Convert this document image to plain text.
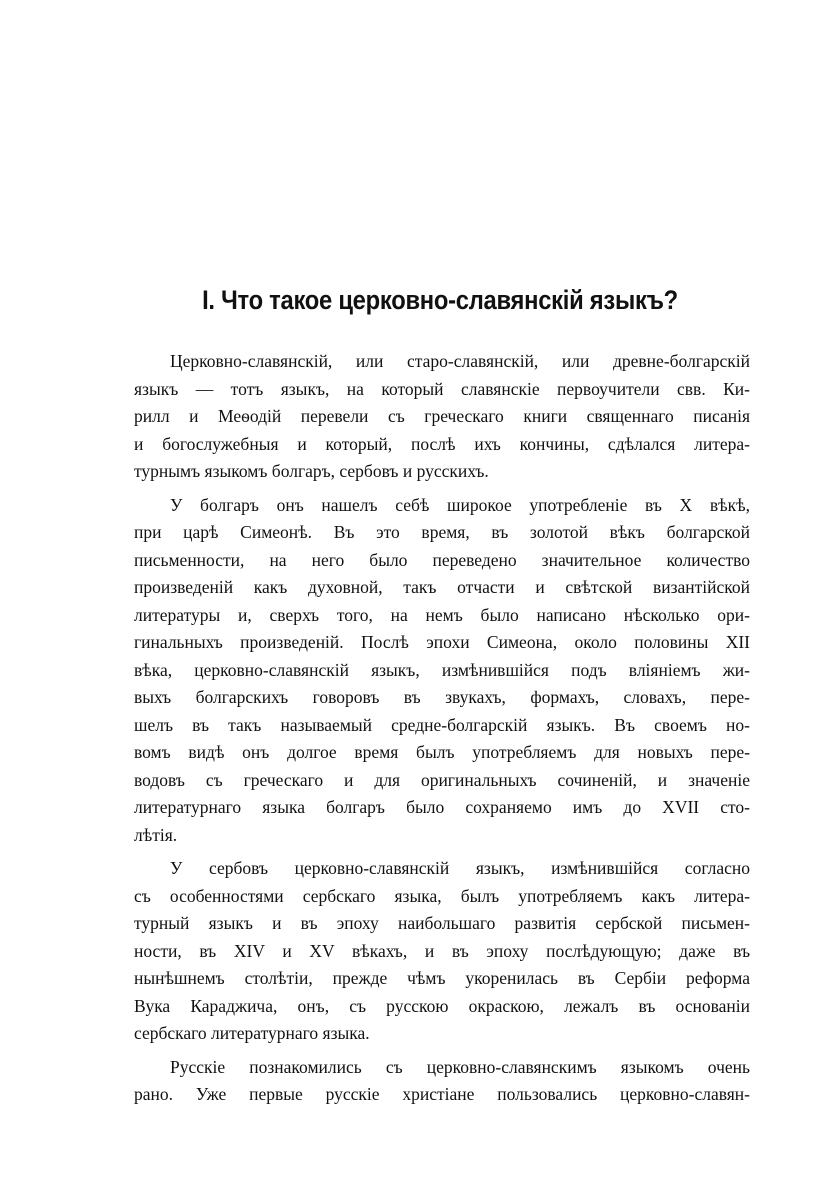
I. Что такое церковно-славянскій языкъ?
Церковно-славянскій, или старо-славянскій, или древне-болгарскій
языкъ — тотъ языкъ, на который славянскіе первоучители свв. Ки-
рилл и Меѳодій перевели съ греческаго книги священнаго писанія
и богослужебныя и который, послѣ ихъ кончины, сдѣлался литера-
турнымъ языкомъ болгаръ, сербовъ и русскихъ.
У болгаръ онъ нашелъ себѣ широкое употребленіе въ X вѣкѣ,
при царѣ Симеонѣ. Въ это время, въ золотой вѣкъ болгарской
письменности, на него было переведено значительное количество
произведеній какъ духовной, такъ отчасти и свѣтской византійской
литературы и, сверхъ того, на немъ было написано нѣсколько ори-
гинальныхъ произведеній. Послѣ эпохи Симеона, около половины XII
вѣка, церковно-славянскій языкъ, измѣнившійся подъ вліяніемъ жи-
выхъ болгарскихъ говоровъ въ звукахъ, формахъ, словахъ, пере-
шелъ въ такъ называемый средне-болгарскій языкъ. Въ своемъ но-
вомъ видѣ онъ долгое время былъ употребляемъ для новыхъ пере-
водовъ съ греческаго и для оригинальныхъ сочиненій, и значеніе
литературнаго языка болгаръ было сохраняемо имъ до XVII сто-
лѣтія.
У сербовъ церковно-славянскій языкъ, измѣнившійся согласно
съ особенностями сербскаго языка, былъ употребляемъ какъ литера-
турный языкъ и въ эпоху наибольшаго развитія сербской письмен-
ности, въ XIV и XV вѣкахъ, и въ эпоху послѣдующую; даже въ
нынѣшнемъ столѣтіи, прежде чѣмъ укоренилась въ Сербіи реформа
Вука Караджича, онъ, съ русскою окраскою, лежалъ въ основаніи
сербскаго литературнаго языка.
Русскіе познакомились съ церковно-славянскимъ языкомъ очень
рано. Уже первые русскіе христіане пользовались церковно-славян-
